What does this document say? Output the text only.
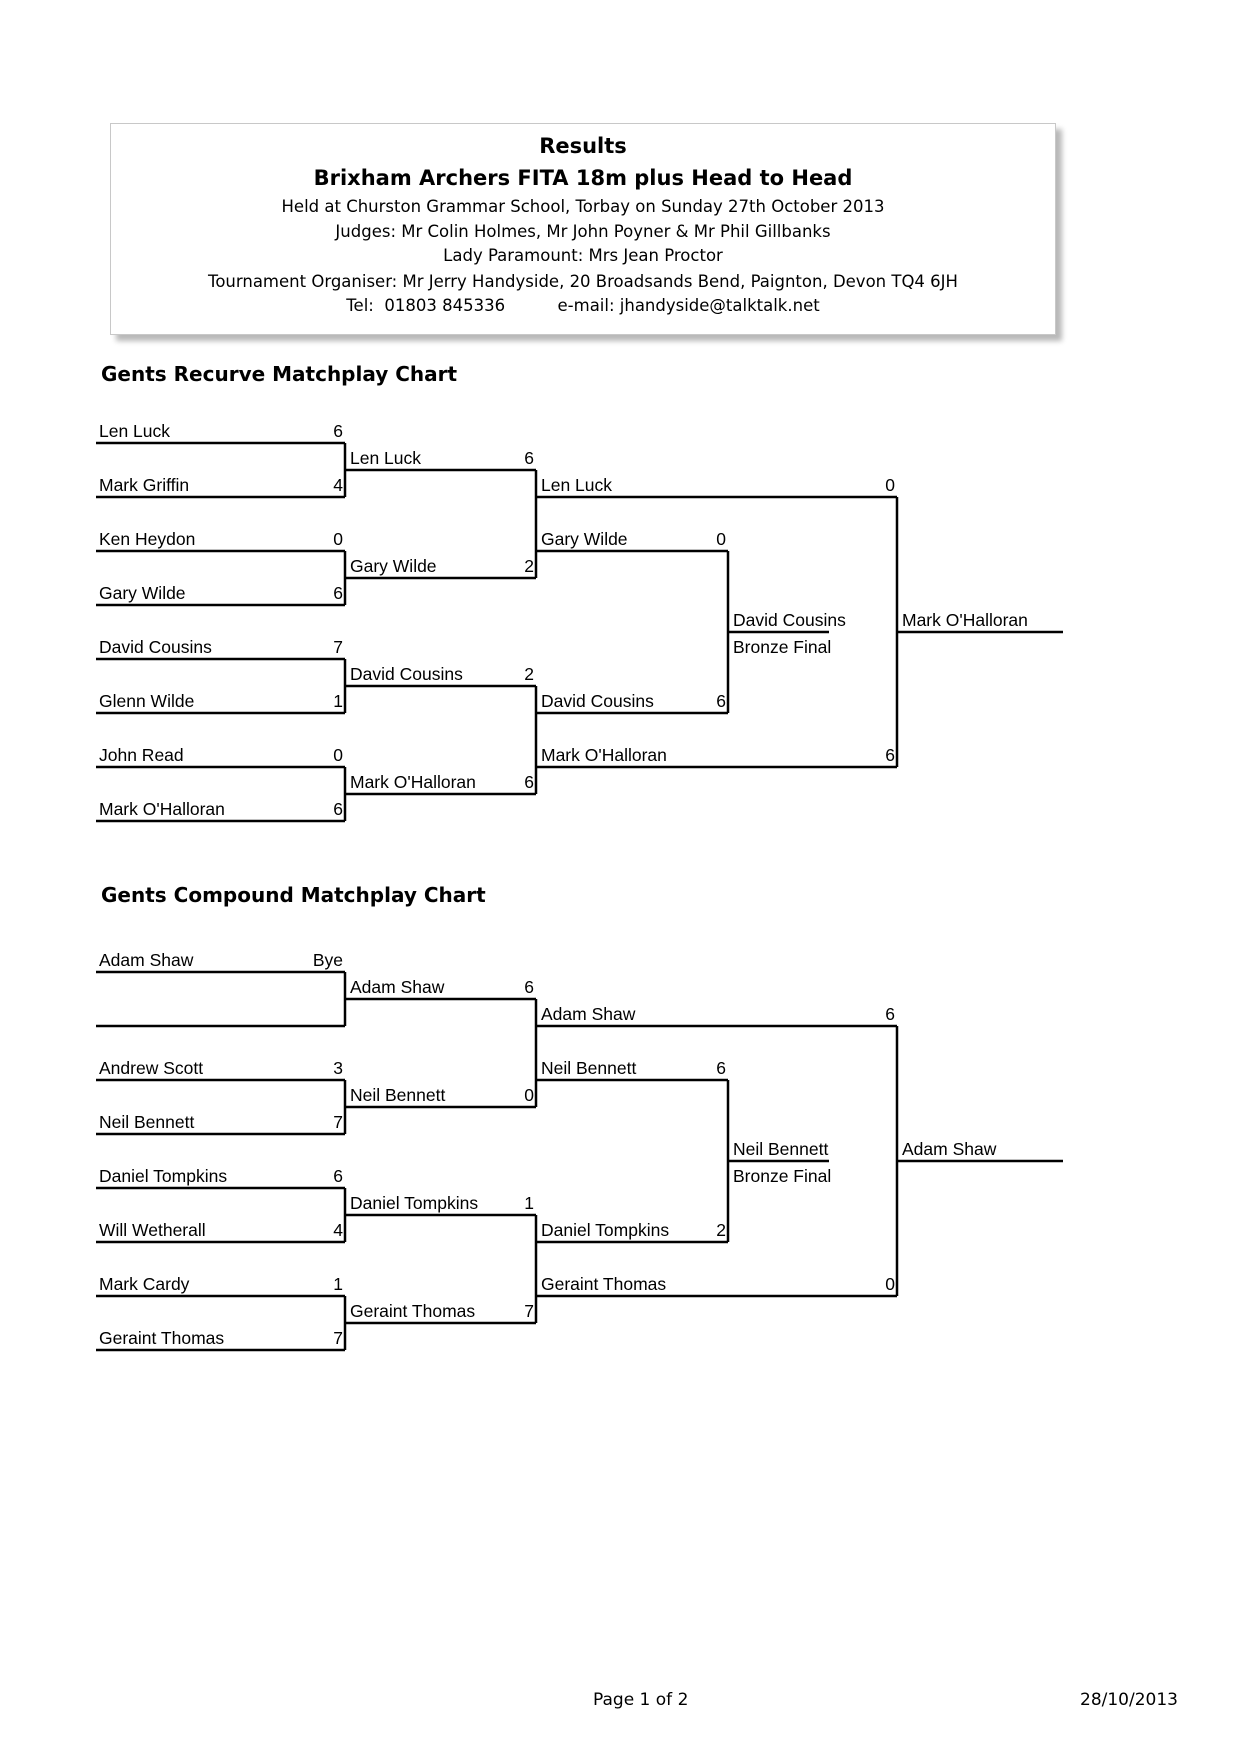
Results
Brixham Archers FITA 18m plus Head to Head
Held at Churston Grammar School, Torbay on Sunday 27th October 2013
Judges: Mr Colin Holmes, Mr John Poyner & Mr Phil Gillbanks
Lady Paramount: Mrs Jean Proctor
Tournament Organiser: Mr Jerry Handyside, 20 Broadsands Bend, Paignton, Devon TQ4 6JH
Tel:  01803 845336          e-mail: jhandyside@talktalk.net
Gents Recurve Matchplay Chart
Len Luck	6
Mark Griffin	4
Ken Heydon	0
Gary Wilde	6
David Cousins	7
Glenn Wilde	1
John Read	0
Mark O'Halloran	6
Len Luck	6
Gary Wilde	2
David Cousins	2
Mark O'Halloran	6
Len Luck	0
Mark O'Halloran	6
Gary Wilde	0
David Cousins	6
David Cousins
Bronze Final
Mark O'Halloran
Gents Compound Matchplay Chart
Adam Shaw	Bye
Andrew Scott	3
Neil Bennett	7
Daniel Tompkins	6
Will Wetherall	4
Mark Cardy	1
Geraint Thomas	7
Adam Shaw	6
Neil Bennett	0
Daniel Tompkins	1
Geraint Thomas	7
Adam Shaw	6
Geraint Thomas	0
Neil Bennett	6
Daniel Tompkins	2
Neil Bennett
Bronze Final
Adam Shaw
Page 1 of 2	28/10/2013
